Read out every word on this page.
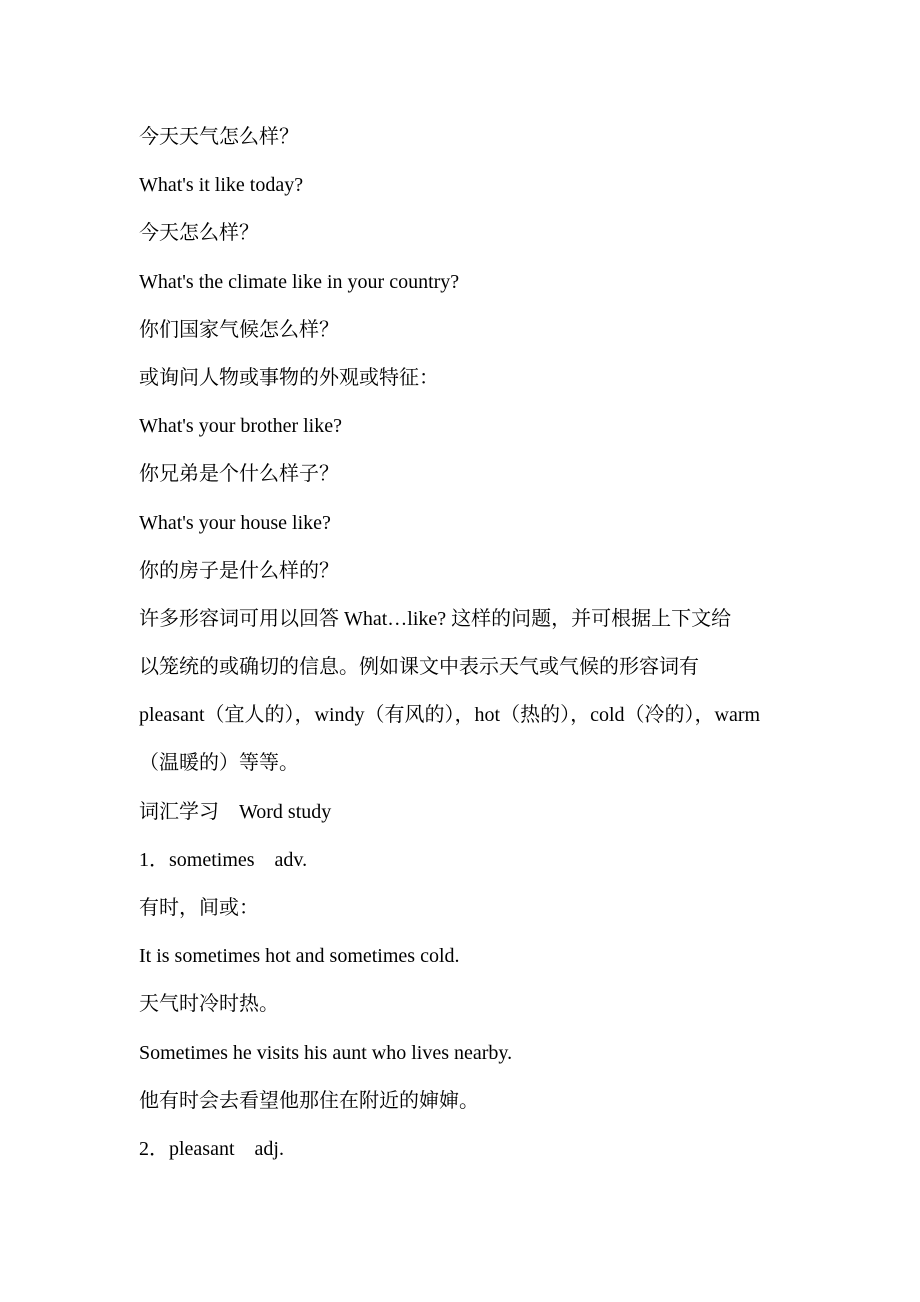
今天天气怎么样？
What's it like today?
今天怎么样？
What's the climate like in your country?
你们国家气候怎么样？
或询问人物或事物的外观或特征：
What's your brother like?
你兄弟是个什么样子？
What's your house like?
你的房子是什么样的？
许多形容词可用以回答 What…like? 这样的问题，并可根据上下文给
以笼统的或确切的信息。例如课文中表示天气或气候的形容词有
pleasant（宜人的），windy（有风的），hot（热的），cold（冷的），warm
（温暖的）等等。
词汇学习　Word study
1．sometimes　adv.
有时，间或：
It is sometimes hot and sometimes cold.
天气时冷时热。
Sometimes he visits his aunt who lives nearby.
他有时会去看望他那住在附近的婶婶。
2．pleasant　adj.
